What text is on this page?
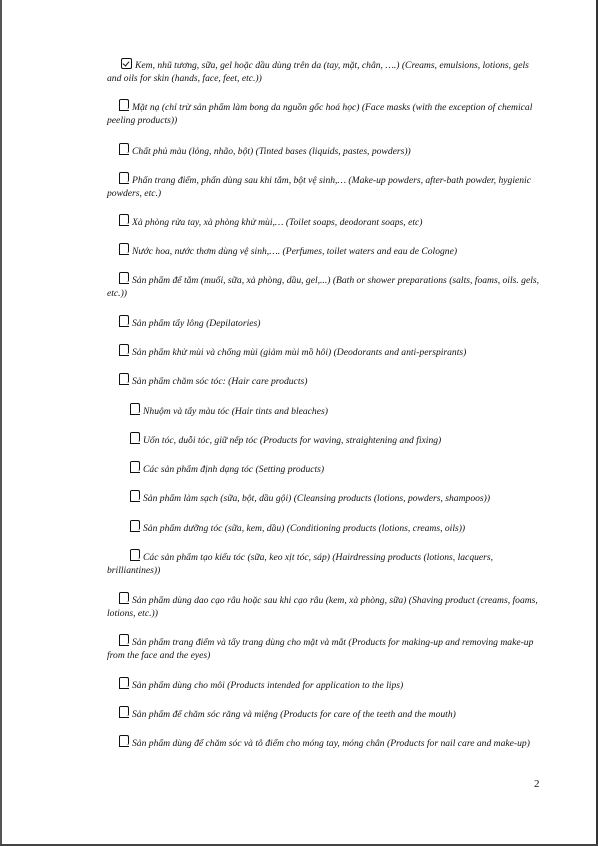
Kem, nhũ tương, sữa, gel hoặc dầu dùng trên da (tay, mặt, chân, ….) (Creams, emulsions, lotions, gels and oils for skin (hands, face, feet, etc.))
Mặt nạ (chỉ trừ sản phẩm làm bong da nguồn gốc hoá học) (Face masks (with the exception of chemical peeling products))
Chất phủ màu (lỏng, nhão, bột) (Tinted bases (liquids, pastes, powders))
Phấn trang điểm, phấn dùng sau khi tắm, bột vệ sinh,… (Make-up powders, after-bath powder, hygienic powders, etc.)
Xà phòng rửa tay, xà phòng khử mùi,… (Toilet soaps, deodorant soaps, etc)
Nước hoa, nước thơm dùng vệ sinh,…. (Perfumes, toilet waters and eau de Cologne)
Sản phẩm để tắm (muối, sữa, xà phòng, dầu, gel,...) (Bath or shower preparations (salts, foams, oils. gels, etc.))
Sản phẩm tẩy lông (Depilatories)
Sản phẩm khử mùi và chống mùi (giảm mùi mồ hôi) (Deodorants and anti-perspirants)
Sản phẩm chăm sóc tóc: (Hair care products)
Nhuộm và tẩy màu tóc (Hair tints and bleaches)
Uốn tóc, duỗi tóc, giữ nếp tóc (Products for waving, straightening and fixing)
Các sản phẩm định dạng tóc (Setting products)
Sản phẩm làm sạch (sữa, bột, dầu gội) (Cleansing products (lotions, powders, shampoos))
Sản phẩm dưỡng tóc (sữa, kem, dầu) (Conditioning products (lotions, creams, oils))
Các sản phẩm tạo kiểu tóc (sữa, keo xịt tóc, sáp) (Hairdressing products (lotions, lacquers, brilliantines))
Sản phẩm dùng dao cạo râu hoặc sau khi cạo râu (kem, xà phòng, sữa) (Shaving product (creams, foams, lotions, etc.))
Sản phẩm trang điểm và tẩy trang dùng cho mặt và mắt (Products for making-up and removing make-up from the face and the eyes)
Sản phẩm dùng cho môi (Products intended for application to the lips)
Sản phẩm để chăm sóc răng và miệng (Products for care of the teeth and the mouth)
Sản phẩm dùng để chăm sóc và tô điểm cho móng tay, móng chân (Products for nail care and make-up)
2
